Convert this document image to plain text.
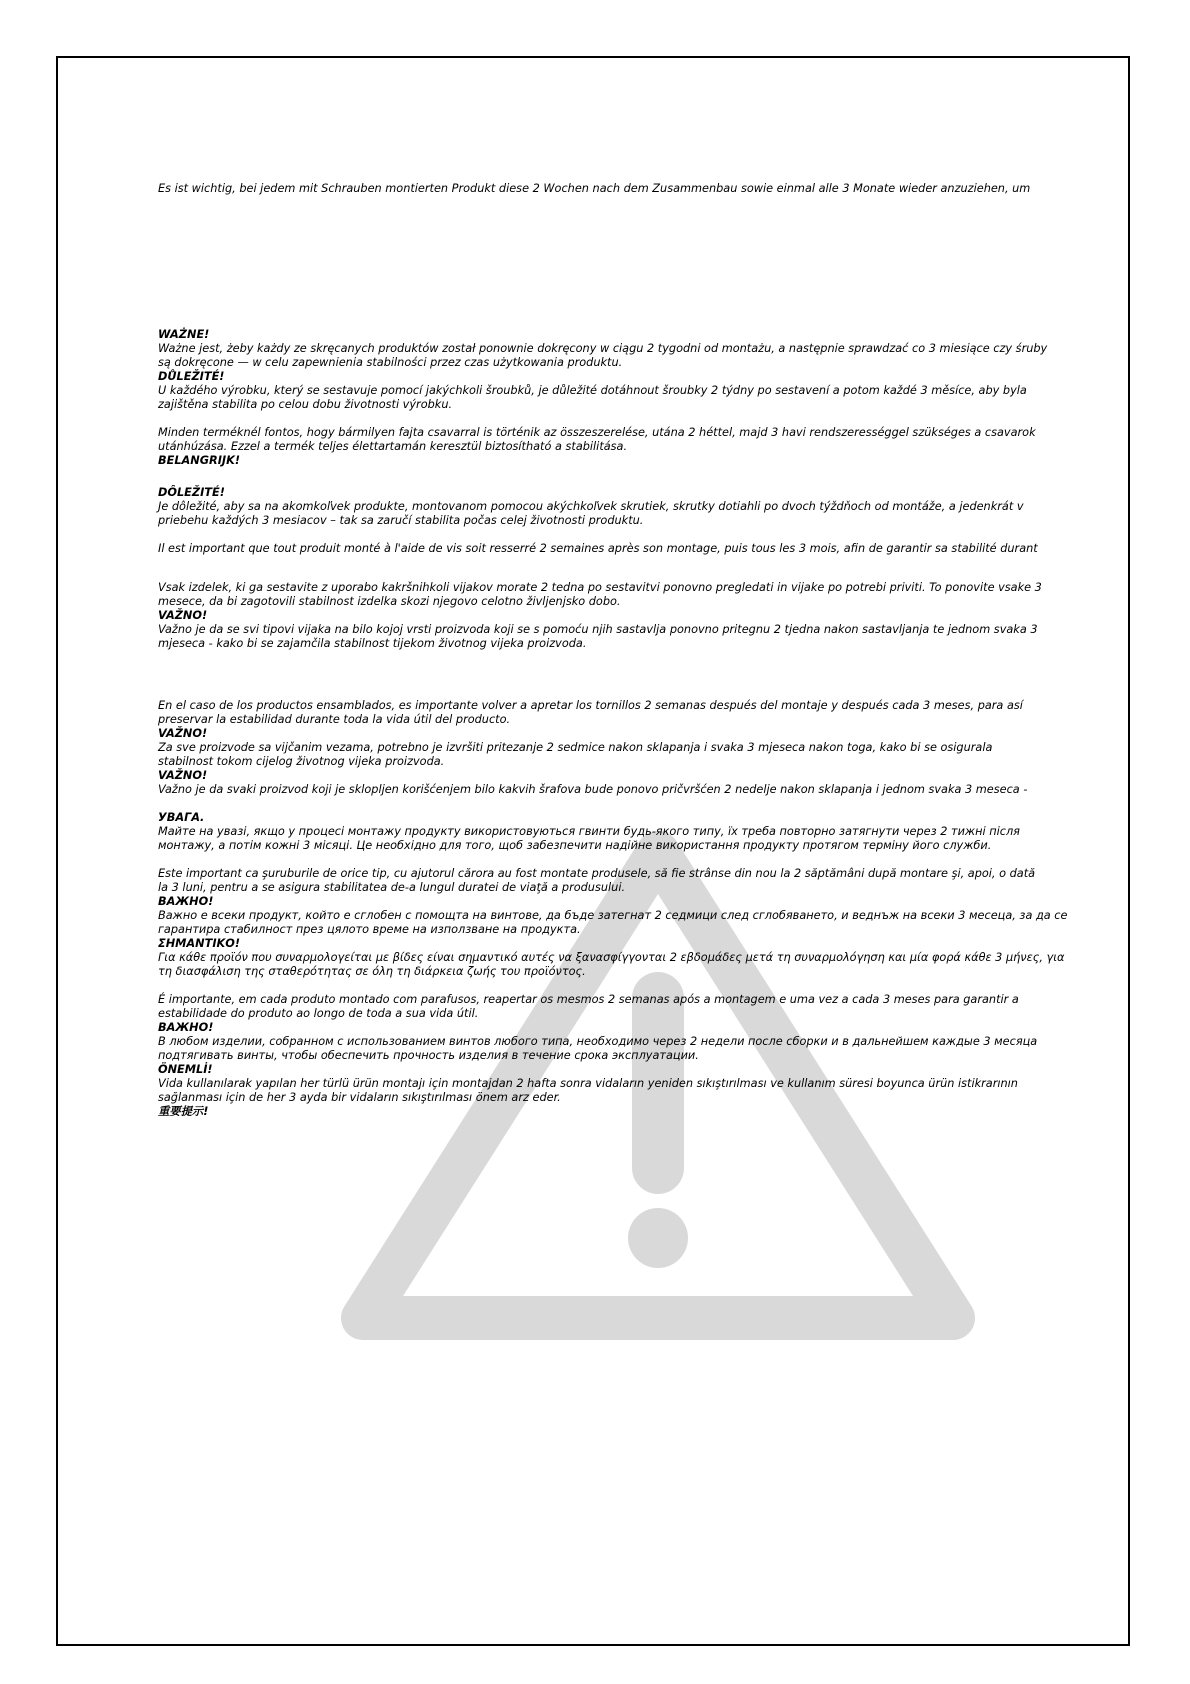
Es ist wichtig, bei jedem mit Schrauben montierten Produkt diese 2 Wochen nach dem Zusammenbau sowie einmal alle 3 Monate wieder anzuziehen, um

WAŻNE!
Ważne jest, żeby każdy ze skręcanych produktów został ponownie dokręcony w ciągu 2 tygodni od montażu, a następnie sprawdzać co 3 miesiące czy śruby
są dokręcone — w celu zapewnienia stabilności przez czas użytkowania produktu.
DŮLEŽITÉ!
U každého výrobku, který se sestavuje pomocí jakýchkoli šroubků, je důležité dotáhnout šroubky 2 týdny po sestavení a potom každé 3 měsíce, aby byla
zajištěna stabilita po celou dobu životnosti výrobku.
Minden terméknél fontos, hogy bármilyen fajta csavarral is történik az összeszerelése, utána 2 héttel, majd 3 havi rendszerességgel szükséges a csavarok
utánhúzása. Ezzel a termék teljes élettartamán keresztül biztosítható a stabilitása.
BELANGRIJK!

DÔLEŽITÉ!
Je dôležité, aby sa na akomkoľvek produkte, montovanom pomocou akýchkoľvek skrutiek, skrutky dotiahli po dvoch týždňoch od montáže, a jedenkrát v
priebehu každých 3 mesiacov – tak sa zaručí stabilita počas celej životnosti produktu.
Il est important que tout produit monté à l'aide de vis soit resserré 2 semaines après son montage, puis tous les 3 mois, afin de garantir sa stabilité durant

Vsak izdelek, ki ga sestavite z uporabo kakršnihkoli vijakov morate 2 tedna po sestavitvi ponovno pregledati in vijake po potrebi priviti. To ponovite vsake 3
mesece, da bi zagotovili stabilnost izdelka skozi njegovo celotno življenjsko dobo.
VAŽNO!
Važno je da se svi tipovi vijaka na bilo kojoj vrsti proizvoda koji se s pomoću njih sastavlja ponovno pritegnu 2 tjedna nakon sastavljanja te jednom svaka 3
mjeseca - kako bi se zajamčila stabilnost tijekom životnog vijeka proizvoda.

En el caso de los productos ensamblados, es importante volver a apretar los tornillos 2 semanas después del montaje y después cada 3 meses, para así
preservar la estabilidad durante toda la vida útil del producto.
VAŽNO!
Za sve proizvode sa vijčanim vezama, potrebno je izvršiti pritezanje 2 sedmice nakon sklapanja i svaka 3 mjeseca nakon toga, kako bi se osigurala
stabilnost tokom cijelog životnog vijeka proizvoda.
VAŽNO!
Važno je da svaki proizvod koji je sklopljen korišćenjem bilo kakvih šrafova bude ponovo pričvršćen 2 nedelje nakon sklapanja i jednom svaka 3 meseca -
УВАГА.
Майте на увазі, якщо у процесі монтажу продукту використовуються гвинти будь-якого типу, їх треба повторно затягнути через 2 тижні після
монтажу, а потім кожні 3 місяці. Це необхідно для того, щоб забезпечити надійне використання продукту протягом терміну його служби.
Este important ca şuruburile de orice tip, cu ajutorul cărora au fost montate produsele, să fie strânse din nou la 2 săptămâni după montare şi, apoi, o dată
la 3 luni, pentru a se asigura stabilitatea de-a lungul duratei de viaţă a produsului.
ВАЖНО!
Важно е всеки продукт, който е сглобен с помощта на винтове, да бъде затегнат 2 седмици след сглобяването, и веднъж на всеки 3 месеца, за да се
гарантира стабилност през цялото време на използване на продукта.
ΣΗΜΑΝΤΙΚΟ!
Για κάθε προϊόν που συναρμολογείται με βίδες είναι σημαντικό αυτές να ξανασφίγγονται 2 εβδομάδες μετά τη συναρμολόγηση και μία φορά κάθε 3 μήνες, για
τη διασφάλιση της σταθερότητας σε όλη τη διάρκεια ζωής του προϊόντος.
É importante, em cada produto montado com parafusos, reapertar os mesmos 2 semanas após a montagem e uma vez a cada 3 meses para garantir a
estabilidade do produto ao longo de toda a sua vida útil.
ВАЖНО!
В любом изделии, собранном с использованием винтов любого типа, необходимо через 2 недели после сборки и в дальнейшем каждые 3 месяца
подтягивать винты, чтобы обеспечить прочность изделия в течение срока эксплуатации.
ÖNEMLİ!
Vida kullanılarak yapılan her türlü ürün montajı için montajdan 2 hafta sonra vidaların yeniden sıkıştırılması ve kullanım süresi boyunca ürün istikrarının
sağlanması için de her 3 ayda bir vidaların sıkıştırılması önem arz eder.
重要提示!
